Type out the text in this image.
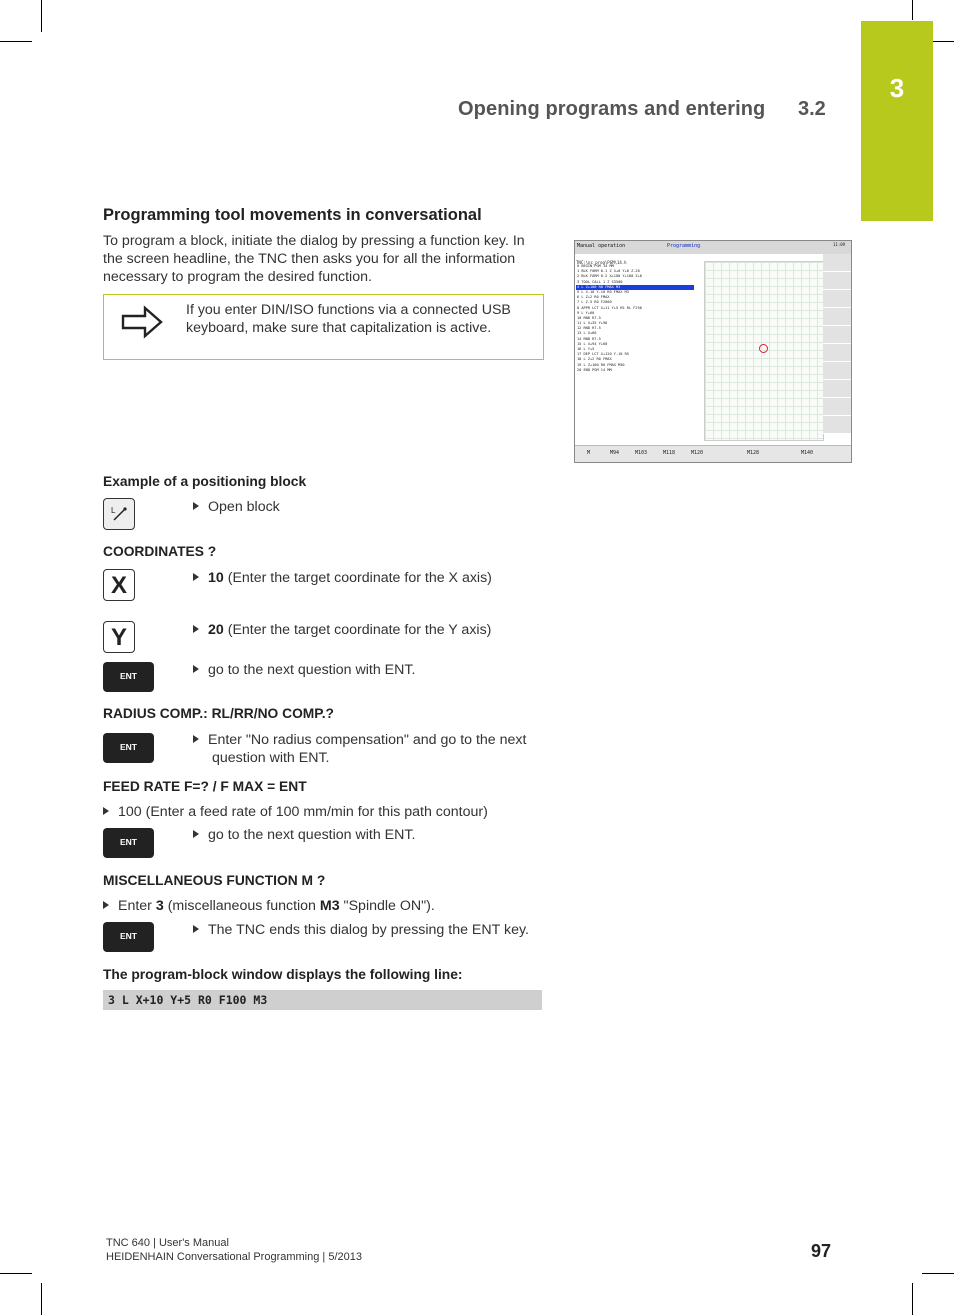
3
Opening programs and entering 3.2
Programming tool movements in conversational
To program a block, initiate the dialog by pressing a function key. In the screen headline, the TNC then asks you for all the information necessary to program the desired function.
If you enter DIN/ISO functions via a connected USB keyboard, make sure that capitalization is active.
Manual operation	Programming	11:09
TNC:\nc_prog\PGM\14.h
0 BEGIN PGM 14 MM
1 BLK FORM 0.1 Z X+0 Y+0 Z-20
2 BLK FORM 0.2 X+100 Y+100 Z+0
3 TOOL CALL 1 Z S3500
4 L Z+100 R0 FMAX M3
5 L X-10 Y-10 R0 FMAX M3
6 L Z+2 R0 FMAX
7 L Z-5 R0 F2000
8 APPR LCT X+11 Y+5 R5 RL F250
9 L Y+60
10 RND R7.5
11 L X+35 Y+90
12 RND R7.5
13 L X+60
14 RND R7.5
15 L X+94 Y+60
16 L Y+5
17 DEP LCT X+120 Y-10 R5
18 L Z+2 R0 FMAX
19 L Z+100 R0 FMAX M30
20 END PGM 14 MM
M	M94	M103	M118	M120	M128	M140
Example of a positioning block
L	Open block
COORDINATES ?
X	10 (Enter the target coordinate for the X axis)
Y	20 (Enter the target coordinate for the Y axis)
ENT	go to the next question with ENT.
RADIUS COMP.: RL/RR/NO COMP.?
ENT	Enter "No radius compensation" and go to the next question with ENT.
FEED RATE F=? / F MAX = ENT
100 (Enter a feed rate of 100 mm/min for this path contour)
ENT	go to the next question with ENT.
MISCELLANEOUS FUNCTION M ?
Enter 3 (miscellaneous function M3 "Spindle ON").
ENT	The TNC ends this dialog by pressing the ENT key.
The program-block window displays the following line:
3 L X+10 Y+5 R0 F100 M3
TNC 640 | User's Manual
HEIDENHAIN Conversational Programming | 5/2013	97
